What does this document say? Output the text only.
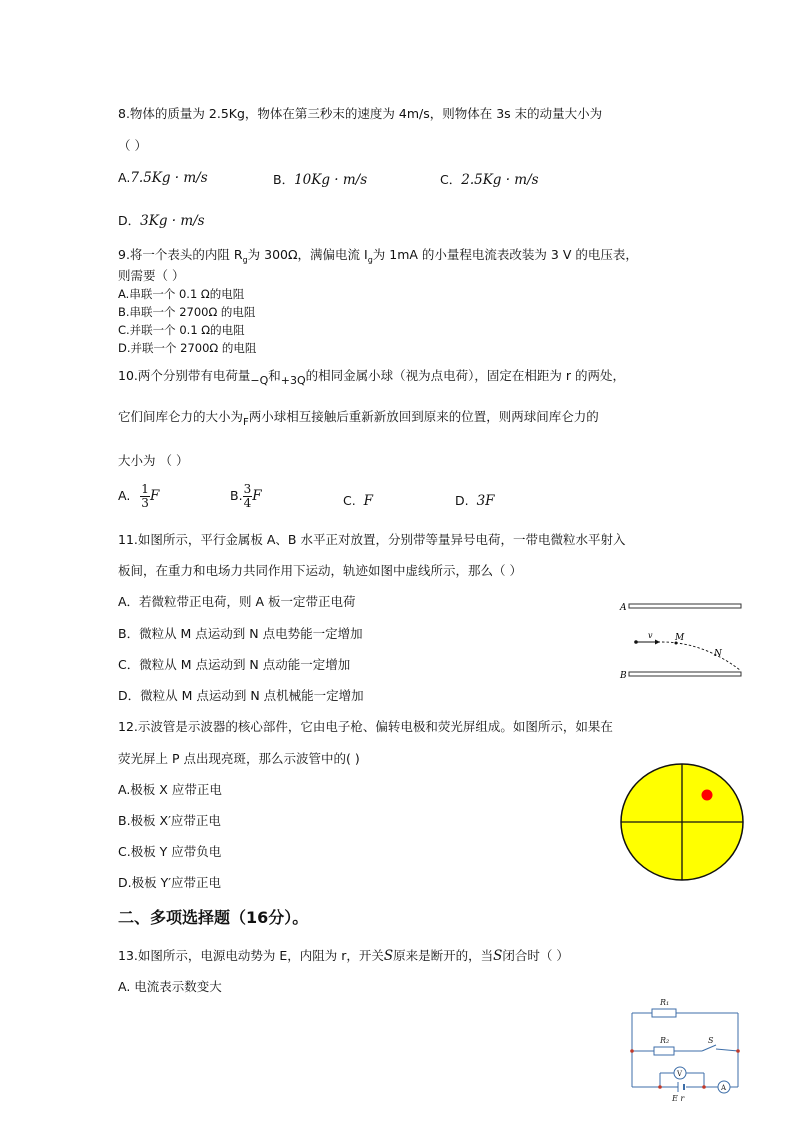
8.物体的质量为 2.5Kg，物体在第三秒末的速度为 4m/s，则物体在 3s 末的动量大小为
（ ）
A.7.5Kg · m/s	B．10Kg · m/s	C．2.5Kg · m/s
D．3Kg · m/s
9.将一个表头的内阻 $R_g$为 300Ω，满偏电流 $I_g$为 1mA 的小量程电流表改装为 3 V 的电压表，
则需要（ ）
A.串联一个 0.1 Ω的电阻
B.串联一个 2700Ω 的电阻
C.并联一个 0.1 Ω的电阻
D.并联一个 2700Ω 的电阻
10.两个分别带有电荷量−Q和+3Q的相同金属小球（视为点电荷），固定在相距为 r 的两处，
它们间库仑力的大小为$_F$两小球相互接触后重新新放回到原来的位置，则两球间库仑力的
大小为 （ ）
A. $\frac{1}{3}$ F	B. $\frac{3}{4}$ F	C. F	D. 3F
11.如图所示，平行金属板 A、B 水平正对放置，分别带等量异号电荷，一带电微粒水平射入
板间，在重力和电场力共同作用下运动，轨迹如图中虚线所示，那么（ ）
A．若微粒带正电荷，则 A 板一定带正电荷
B．微粒从 M 点运动到 N 点电势能一定增加
C．微粒从 M 点运动到 N 点动能一定增加
D．微粒从 M 点运动到 N 点机械能一定增加
A
B
v M
N
12.示波管是示波器的核心部件，它由电子枪、偏转电极和荧光屏组成。如图所示，如果在
荧光屏上 P 点出现亮斑，那么示波管中的( )
A.极板 X 应带正电
B.极板 X′应带正电
C.极板 Y 应带负电
D.极板 Y′应带正电
二、多项选择题（16分）。
13.如图所示，电源电动势为 E，内阻为 r，开关S原来是断开的，当S闭合时（ ）
A. 电流表示数变大
R₁
R₂	S
V
A
E r
